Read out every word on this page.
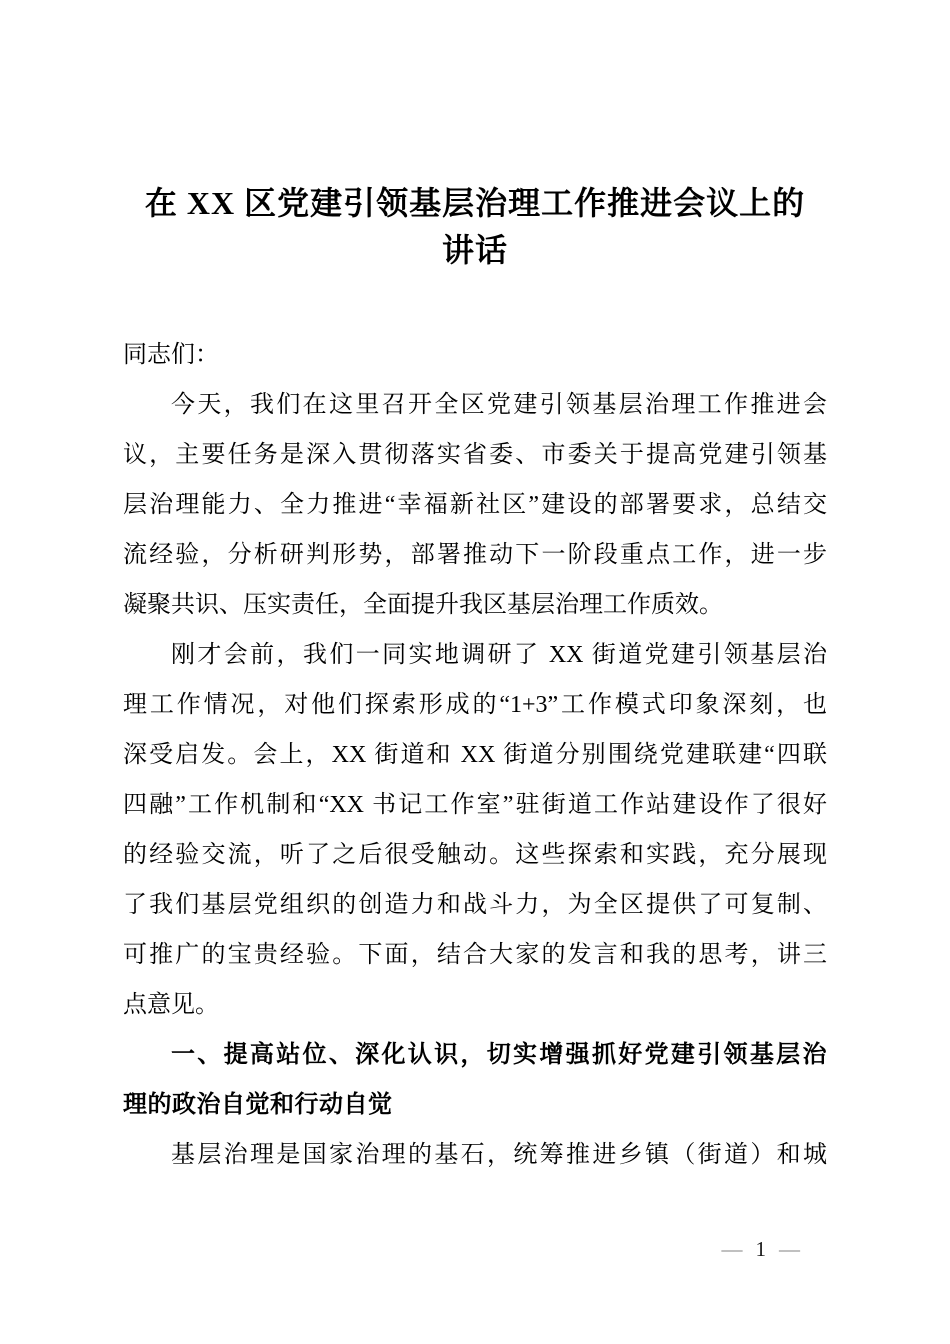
在 XX 区党建引领基层治理工作推进会议上的
讲话
同志们：
今天，我们在这里召开全区党建引领基层治理工作推进会
议，主要任务是深入贯彻落实省委、市委关于提高党建引领基
层治理能力、全力推进“幸福新社区”建设的部署要求，总结交
流经验，分析研判形势，部署推动下一阶段重点工作，进一步
凝聚共识、压实责任，全面提升我区基层治理工作质效。
刚才会前，我们一同实地调研了 XX 街道党建引领基层治
理工作情况，对他们探索形成的“1+3”工作模式印象深刻，也
深受启发。会上，XX 街道和 XX 街道分别围绕党建联建“四联
四融”工作机制和“XX 书记工作室”驻街道工作站建设作了很好
的经验交流，听了之后很受触动。这些探索和实践，充分展现
了我们基层党组织的创造力和战斗力，为全区提供了可复制、
可推广的宝贵经验。下面，结合大家的发言和我的思考，讲三
点意见。
一、提高站位、深化认识，切实增强抓好党建引领基层治
理的政治自觉和行动自觉
基层治理是国家治理的基石，统筹推进乡镇（街道）和城
— 1 —
